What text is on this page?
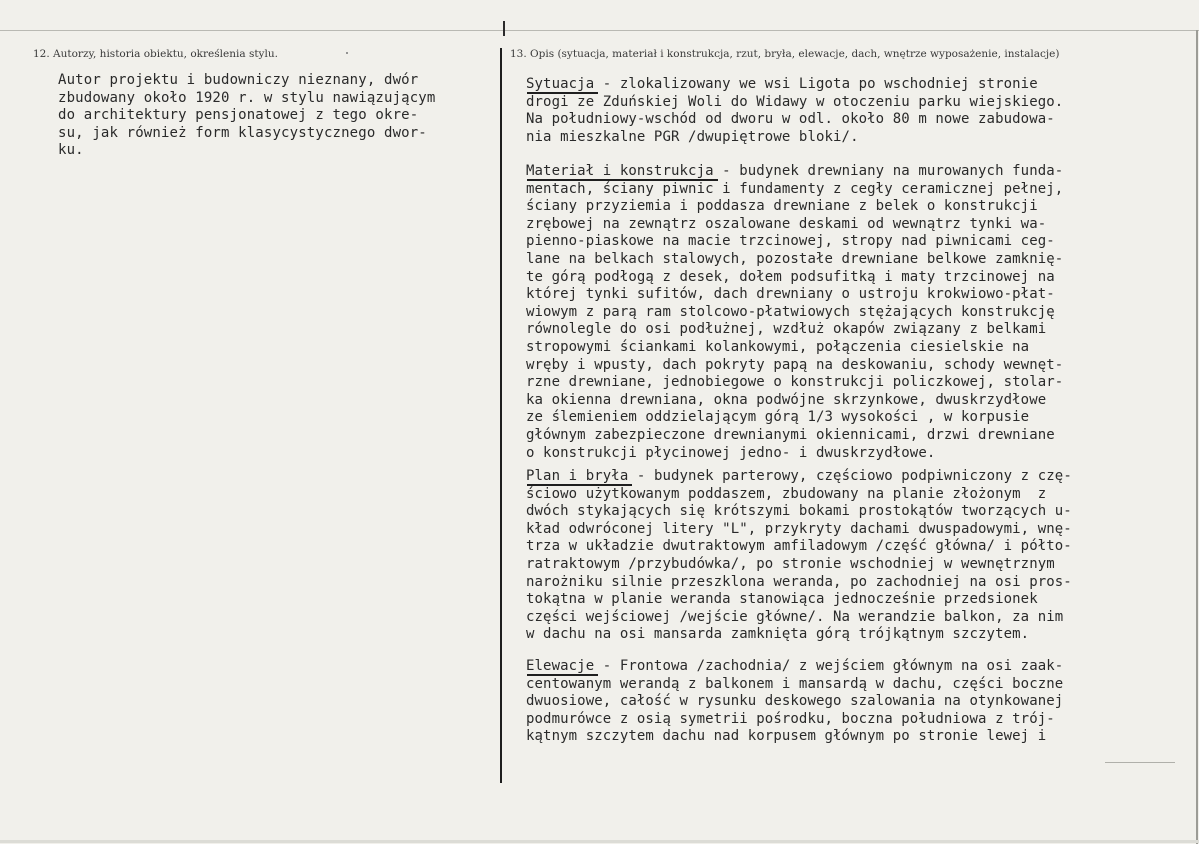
12. Autorzy, historia obiektu, określenia stylu.	13. Opis (sytuacja, materiał i konstrukcja, rzut, bryła, elewacje, dach, wnętrze wyposażenie, instalacje)
Autor projektu i budowniczy nieznany, dwór
zbudowany około 1920 r. w stylu nawiązującym
do architektury pensjonatowej z tego okre-
su, jak również form klasycystycznego dwor-
ku.
Sytuacja - zlokalizowany we wsi Ligota po wschodniej stronie
drogi ze Zduńskiej Woli do Widawy w otoczeniu parku wiejskiego.
Na południowy-wschód od dworu w odl. około 80 m nowe zabudowa-
nia mieszkalne PGR /dwupiętrowe bloki/.
Materiał i konstrukcja - budynek drewniany na murowanych funda-
mentach, ściany piwnic i fundamenty z cegły ceramicznej pełnej,
ściany przyziemia i poddasza drewniane z belek o konstrukcji
zrębowej na zewnątrz oszalowane deskami od wewnątrz tynki wa-
pienno-piaskowe na macie trzcinowej, stropy nad piwnicami ceg-
lane na belkach stalowych, pozostałe drewniane belkowe zamknię-
te górą podłogą z desek, dołem podsufitką i maty trzcinowej na
której tynki sufitów, dach drewniany o ustroju krokwiowo-płat-
wiowym z parą ram stolcowo-płatwiowych stężających konstrukcję
równolegle do osi podłużnej, wzdłuż okapów związany z belkami
stropowymi ściankami kolankowymi, połączenia ciesielskie na
wręby i wpusty, dach pokryty papą na deskowaniu, schody wewnęt-
rzne drewniane, jednobiegowe o konstrukcji policzkowej, stolar-
ka okienna drewniana, okna podwójne skrzynkowe, dwuskrzydłowe
ze ślemieniem oddzielającym górą 1/3 wysokości , w korpusie
głównym zabezpieczone drewnianymi okiennicami, drzwi drewniane
o konstrukcji płycinowej jedno- i dwuskrzydłowe.
Plan i bryła - budynek parterowy, częściowo podpiwniczony z czę-
ściowo użytkowanym poddaszem, zbudowany na planie złożonym  z
dwóch stykających się krótszymi bokami prostokątów tworzących u-
kład odwróconej litery "L", przykryty dachami dwuspadowymi, wnę-
trza w układzie dwutraktowym amfiladowym /część główna/ i półto-
ratraktowym /przybudówka/, po stronie wschodniej w wewnętrznym
narożniku silnie przeszklona weranda, po zachodniej na osi pros-
tokątna w planie weranda stanowiąca jednocześnie przedsionek
części wejściowej /wejście główne/. Na werandzie balkon, za nim
w dachu na osi mansarda zamknięta górą trójkątnym szczytem.
Elewacje - Frontowa /zachodnia/ z wejściem głównym na osi zaak-
centowanym werandą z balkonem i mansardą w dachu, części boczne
dwuosiowe, całość w rysunku deskowego szalowania na otynkowanej
podmurówce z osią symetrii pośrodku, boczna południowa z trój-
kątnym szczytem dachu nad korpusem głównym po stronie lewej i
